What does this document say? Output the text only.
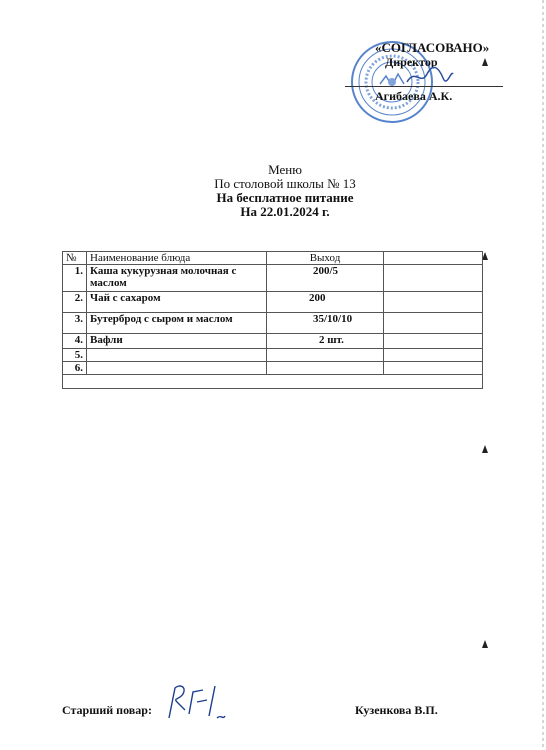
«СОГЛАСОВАНО»
Директор
Агибаева А.К.
Меню
По столовой школы № 13
На бесплатное питание
На 22.01.2024 г.
№	Наименование блюда	Выход	
1.	Каша кукурузная молочная с маслом	200/5	
2.	Чай с сахаром	200	
3.	Бутерброд с сыром и маслом	35/10/10	
4.	Вафли	2 шт.	
5.			
6.			

Старший повар:	Кузенкова В.П.
